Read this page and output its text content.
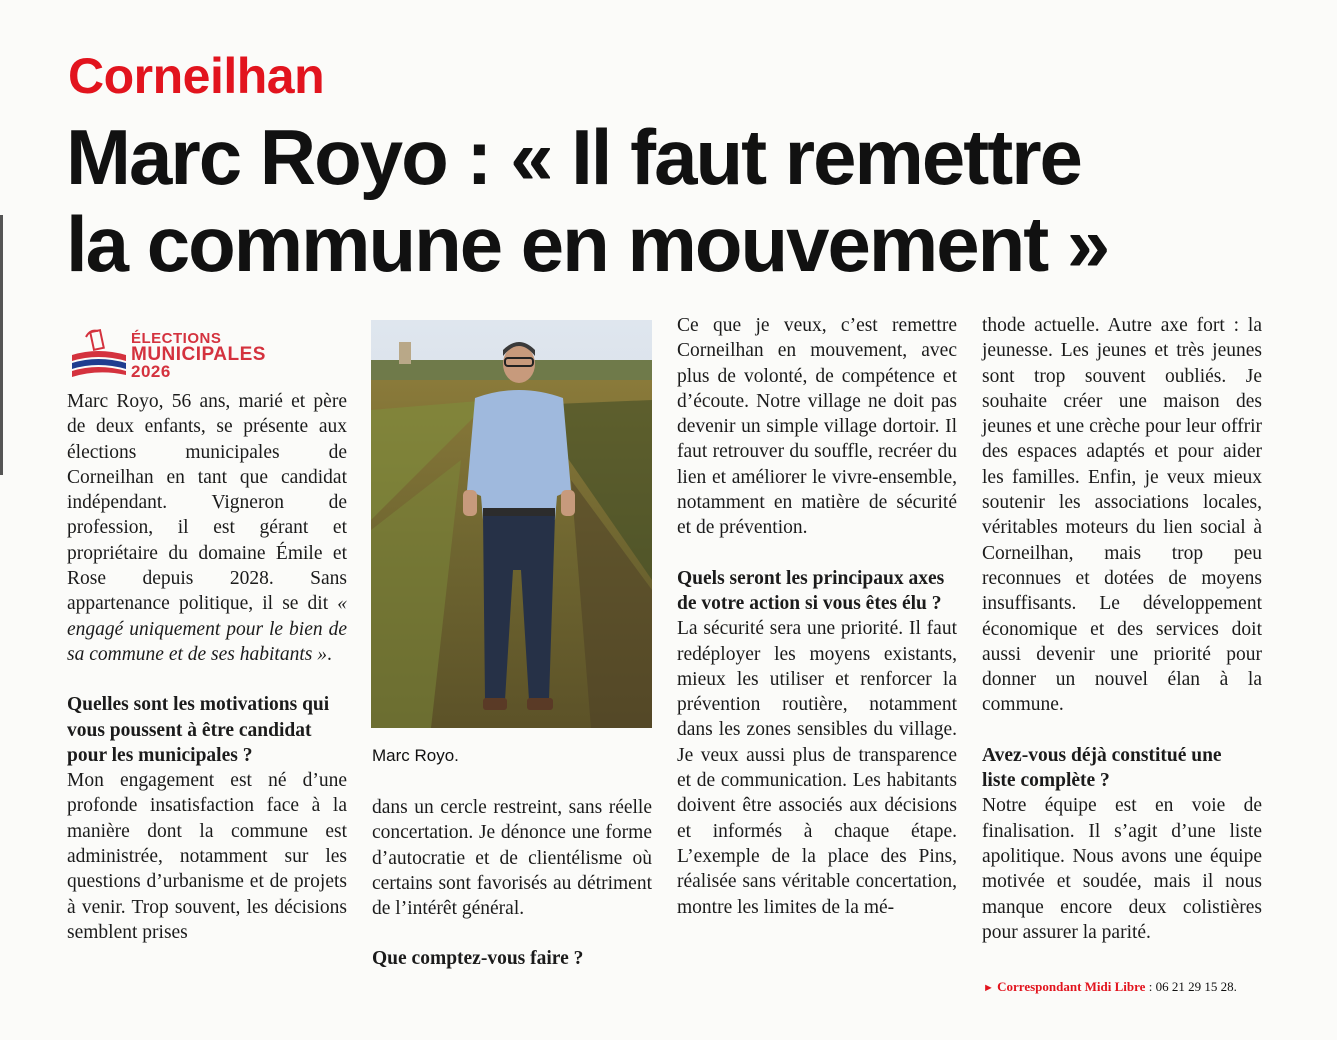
Corneilhan
Marc Royo : « Il faut remettre
la commune en mouvement »
ÉLECTIONS
MUNICIPALES
2026

Marc Royo, 56 ans, marié et père de deux enfants, se présente aux élections municipales de Corneilhan en tant que candidat indépendant. Vigneron de profession, il est gérant et propriétaire du domaine Émile et Rose depuis 2028. Sans appartenance politique, il se dit « engagé uniquement pour le bien de sa commune et de ses habitants ».

Quelles sont les motivations qui vous poussent à être candidat pour les municipales ?

Mon engagement est né d’une profonde insatisfaction face à la manière dont la commune est administrée, notamment sur les questions d’urbanisme et de projets à venir. Trop souvent, les décisions semblent prises

Marc Royo.

dans un cercle restreint, sans réelle concertation. Je dénonce une forme d’autocratie et de clientélisme où certains sont favorisés au détriment de l’intérêt général.

Que comptez-vous faire ?

Ce que je veux, c’est remettre Corneilhan en mouvement, avec plus de volonté, de compétence et d’écoute. Notre village ne doit pas devenir un simple village dortoir. Il faut retrouver du souffle, recréer du lien et améliorer le vivre-ensemble, notamment en matière de sécurité et de prévention.

Quels seront les principaux axes de votre action si vous êtes élu ?

La sécurité sera une priorité. Il faut redéployer les moyens existants, mieux les utiliser et renforcer la prévention routière, notamment dans les zones sensibles du village. Je veux aussi plus de transparence et de communication. Les habitants doivent être associés aux décisions et informés à chaque étape. L’exemple de la place des Pins, réalisée sans véritable concertation, montre les limites de la mé-

thode actuelle. Autre axe fort : la jeunesse. Les jeunes et très jeunes sont trop souvent oubliés. Je souhaite créer une maison des jeunes et une crèche pour leur offrir des espaces adaptés et pour aider les familles. Enfin, je veux mieux soutenir les associations locales, véritables moteurs du lien social à Corneilhan, mais trop peu reconnues et dotées de moyens insuffisants. Le développement économique et des services doit aussi devenir une priorité pour donner un nouvel élan à la commune.

Avez-vous déjà constitué une liste complète ?

Notre équipe est en voie de finalisation. Il s’agit d’une liste apolitique. Nous avons une équipe motivée et soudée, mais il nous manque encore deux colistières pour assurer la parité.

► Correspondant Midi Libre : 06 21 29 15 28.
